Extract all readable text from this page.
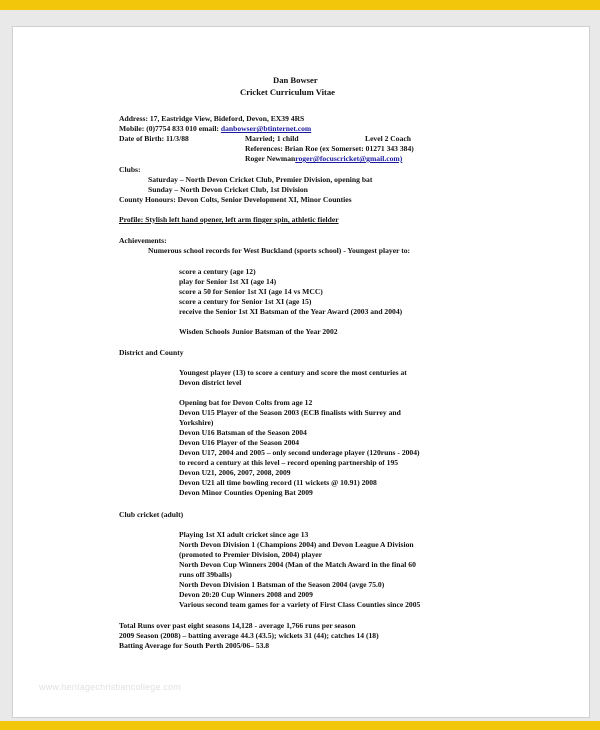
Dan Bowser
Cricket Curriculum Vitae
Address: 17, Eastridge View, Bideford, Devon, EX39 4RS
Mobile: (0)7754 833 010 email: danbowser@btinternet.com
Date of Birth: 11/3/88	Married; 1 child	Level 2 Coach
References: Brian Roe (ex Somerset: 01271 343 384)
Roger Newmanroger@focuscricket@gmail.com)
Clubs:
Saturday – North Devon Cricket Club, Premier Division, opening bat
Sunday – North Devon Cricket Club, 1st Division
County Honours: Devon Colts, Senior Development XI, Minor Counties
Profile: Stylish left hand opener, left arm finger spin, athletic fielder
Achievements:
Numerous school records for West Buckland (sports school) - Youngest player to:
score a century (age 12)
play for Senior 1st XI (age 14)
score a 50 for Senior 1st XI (age 14 vs MCC)
score a century for Senior 1st XI (age 15)
receive the Senior 1st XI Batsman of the Year Award (2003 and 2004)
Wisden Schools Junior Batsman of the Year 2002
District and County
Youngest player (13) to score a century and score the most centuries at
Devon district level
Opening bat for Devon Colts from age 12
Devon U15 Player of the Season 2003 (ECB finalists with Surrey and
Yorkshire)
Devon U16 Batsman of the Season 2004
Devon U16 Player of the Season 2004
Devon U17, 2004 and 2005 – only second underage player (120runs - 2004)
to record a century at this level – record opening partnership of 195
Devon U21, 2006, 2007, 2008, 2009
Devon U21 all time bowling record (11 wickets @ 10.91) 2008
Devon Minor Counties Opening Bat 2009
Club cricket (adult)
Playing 1st XI adult cricket since age 13
North Devon Division 1 (Champions 2004) and Devon League A Division
(promoted to Premier Division, 2004) player
North Devon Cup Winners 2004 (Man of the Match Award in the final 60
runs off 39balls)
North Devon Division 1 Batsman of the Season 2004 (avge 75.0)
Devon 20:20 Cup Winners 2008 and 2009
Various second team games for a variety of First Class Counties since 2005
Total Runs over past eight seasons 14,128 - average 1,766 runs per season
2009 Season (2008) – batting average 44.3 (43.5); wickets 31 (44); catches 14 (18)
Batting Average for South Perth 2005/06– 53.8
www.heritagechristiancollege.com
